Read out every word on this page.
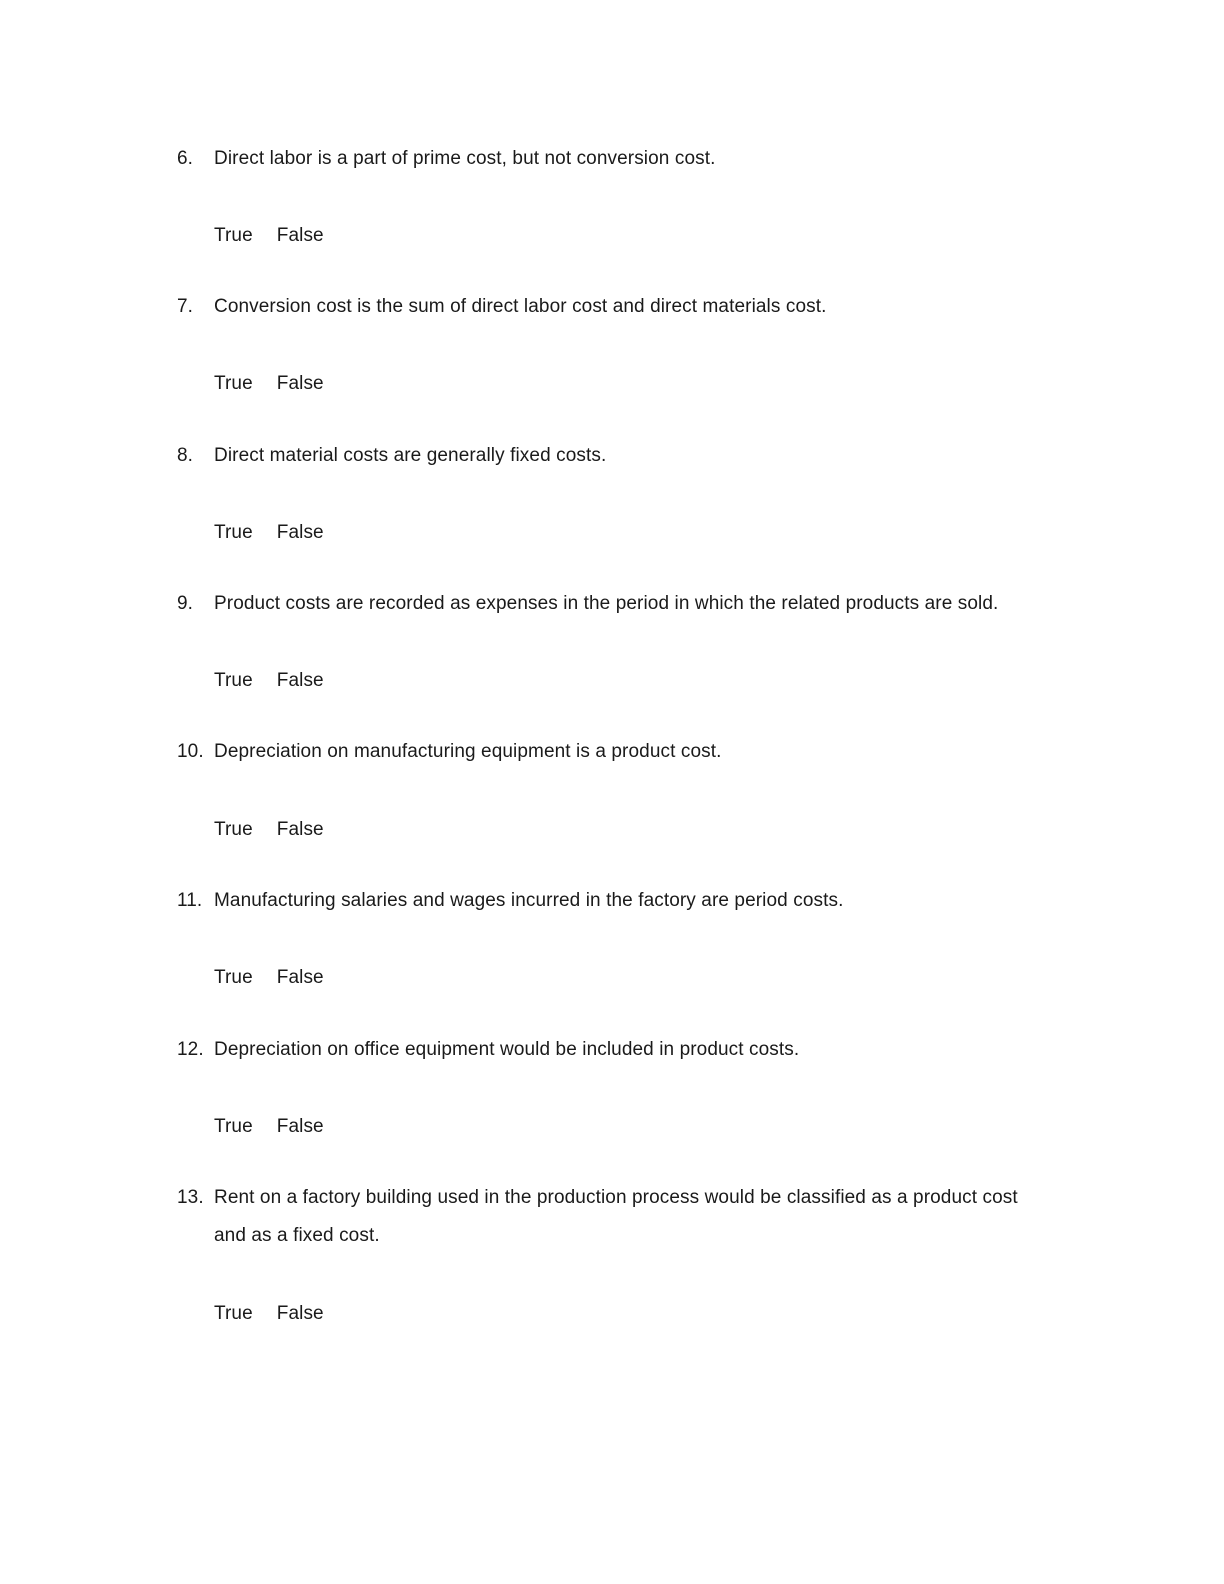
6.	Direct labor is a part of prime cost, but not conversion cost.
True False
7.	Conversion cost is the sum of direct labor cost and direct materials cost.
True False
8.	Direct material costs are generally fixed costs.
True False
9.	Product costs are recorded as expenses in the period in which the related products are sold.
True False
10. Depreciation on manufacturing equipment is a product cost.
True False
11. Manufacturing salaries and wages incurred in the factory are period costs.
True False
12. Depreciation on office equipment would be included in product costs.
True False
13. Rent on a factory building used in the production process would be classified as a product cost and as a fixed cost.
True False
